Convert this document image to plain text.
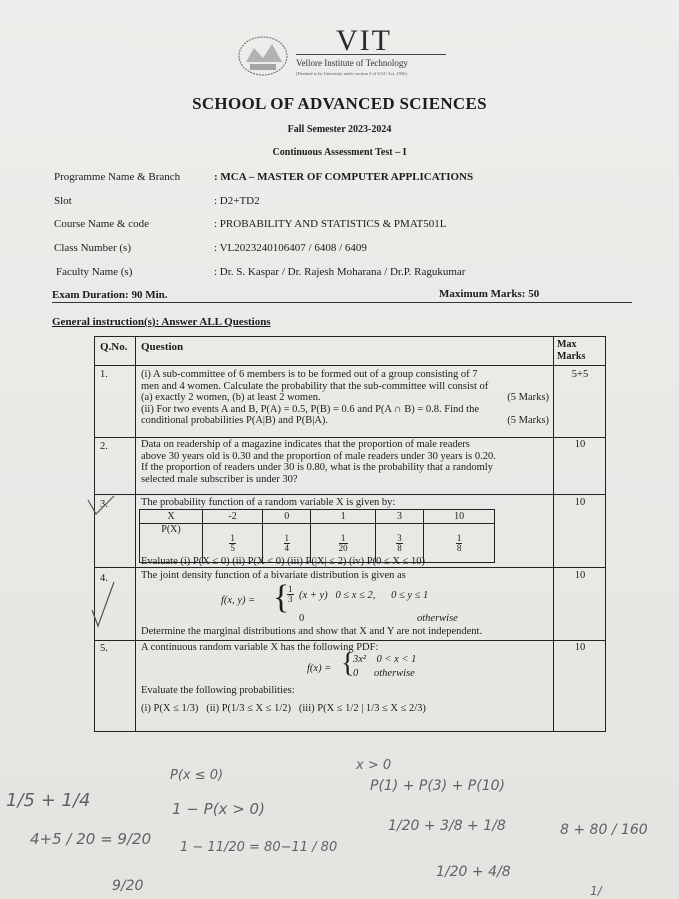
VIT
Vellore Institute of Technology
(Deemed to be University under section 3 of UGC Act, 1956)
SCHOOL OF ADVANCED SCIENCES
Fall Semester 2023-2024
Continuous Assessment Test – I
Programme Name & Branch	: MCA – MASTER OF COMPUTER APPLICATIONS
Slot	: D2+TD2
Course Name & code	: PROBABILITY AND STATISTICS & PMAT501L
Class Number (s)	: VL2023240106407 / 6408 / 6409
Faculty Name (s)	: Dr. S. Kaspar / Dr. Rajesh Moharana / Dr.P. Ragukumar
Exam Duration: 90 Min.	Maximum Marks: 50
General instruction(s): Answer ALL Questions
Q.No. Question	Max Marks
1.	(i) A sub-committee of 6 members is to be formed out of a group consisting of 7
men and 4 women. Calculate the probability that the sub-committee will consist of
(a) exactly 2 women, (b) at least 2 women.	(5 Marks)
(ii) For two events A and B, P(A) = 0.5, P(B) = 0.6 and P(A ∩ B) = 0.8. Find the
conditional probabilities P(A|B) and P(B|A).	(5 Marks)
5+5
2.	Data on readership of a magazine indicates that the proportion of male readers
above 30 years old is 0.30 and the proportion of male readers under 30 years is 0.20.
If the proportion of readers under 30 is 0.80, what is the probability that a randomly
selected male subscriber is under 30?
10
3.	The probability function of a random variable X is given by:	10
X	-2	0	1	3	10
P(X)	$\frac{1}{5}$	$\frac{1}{4}$	$\frac{1}{20}$	$\frac{3}{8}$	$\frac{1}{8}$
Evaluate (i) P(X ≤ 0) (ii) P(X < 0) (iii) P(|X| ≤ 2) (iv) P(0 ≤ X ≤ 10)
4.	The joint density function of a bivariate distribution is given as	10
f(x, y) = {
$\frac{1}{3} (x + y) 0 \le x \le 2$,      0 ≤ y ≤ 1
0	otherwise
Determine the marginal distributions and show that X and Y are not independent.
5.	A continuous random variable X has the following PDF:	10
f(x) = {
3x²    0 < x < 1
0      otherwise
Evaluate the following probabilities:
(i) P(X ≤ 1/3)   (ii) P(1/3 ≤ X ≤ 1/2)   (iii) P(X ≤ 1/2 | 1/3 ≤ X ≤ 2/3)
1/5 + 1/4
4+5 / 20 = 9/20
9/20
P(x ≤ 0)
1 − P(x > 0)
1 − 11/20 = 80−11 / 80
x > 0
P(1) + P(3) + P(10)
1/20 + 3/8 + 1/8
1/20 + 4/8
8 + 80 / 160
1/
